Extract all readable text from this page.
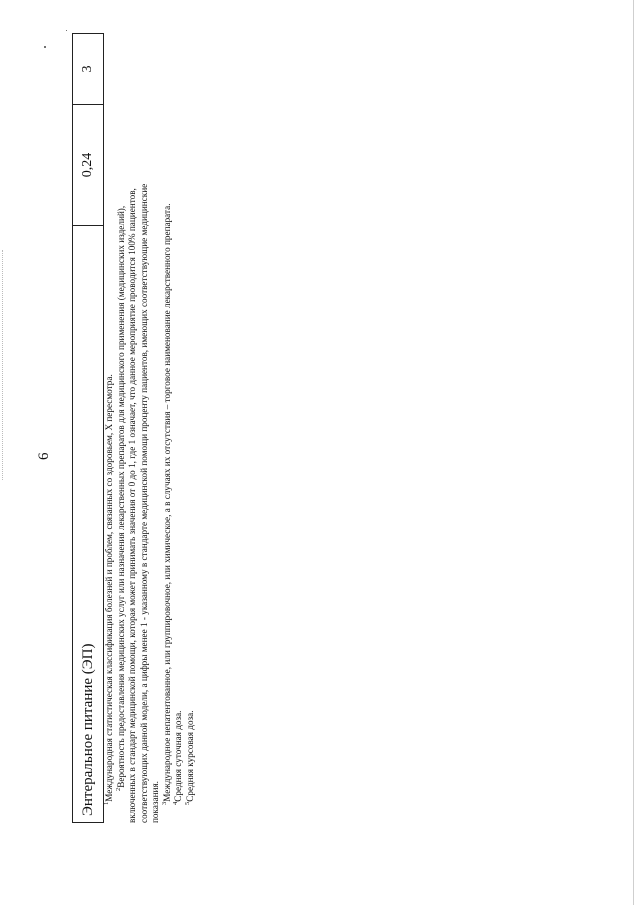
6
Энтеральное питание (ЭП)
0,24
3

$^1$Международная статистическая классификация болезней и проблем, связанных со здоровьем, X пересмотра. $^2$Вероятность предоставления медицинских услуг или назначения лекарственных препаратов для медицинского применения (медицинских изделий), включенных в стандарт медицинской помощи, которая может принимать значения от 0 до 1, где 1 означает, что данное мероприятие проводится 100% пациентов, соответствующих данной модели, а цифры менее 1 - указанному в стандарте медицинской помощи проценту пациентов, имеющих соответствующие медицинские показания. $^3$Международное непатентованное, или группировочное, или химическое, а в случаях их отсутствия – торговое наименование лекарственного препарата.

$^4$Средняя суточная доза.

$^5$Средняя курсовая доза.
